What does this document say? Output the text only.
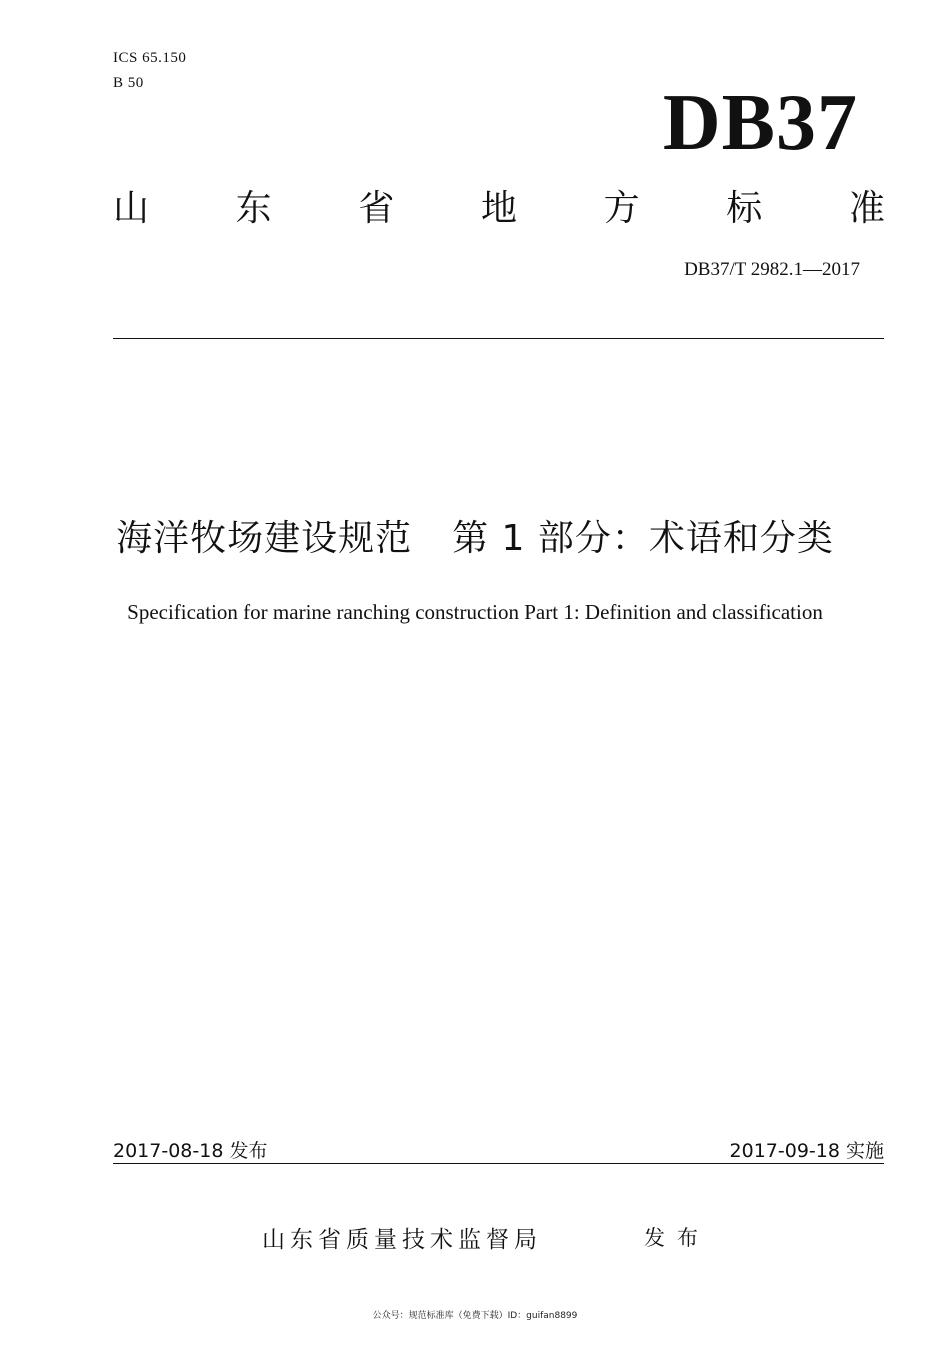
ICS 65.150
B 50	DB37
山 东 省 地 方 标 准
DB37/T 2982.1—2017
海洋牧场建设规范 第 1 部分：术语和分类
Specification for marine ranching construction Part 1: Definition and classification
2017-08-18 发布	2017-09-18 实施
山东省质量技术监督局	发布
公众号：规范标准库（免费下载）ID：guifan8899
